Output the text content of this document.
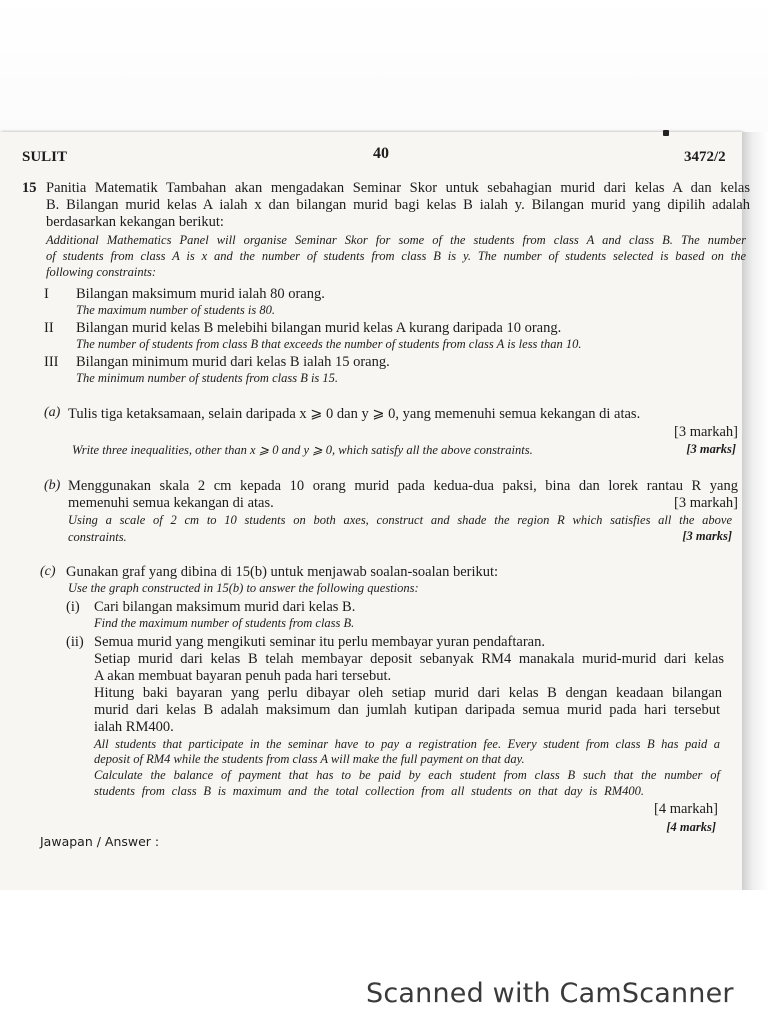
SULIT	40	3472/2
15 Panitia Matematik Tambahan akan mengadakan Seminar Skor untuk sebahagian murid dari kelas A dan kelas
B. Bilangan murid kelas A ialah x dan bilangan murid bagi kelas B ialah y. Bilangan murid yang dipilih adalah
berdasarkan kekangan berikut:
Additional Mathematics Panel will organise Seminar Skor for some of the students from class A and class B. The number
of students from class A is x and the number of students from class B is y. The number of students selected is based on the
following constraints:
I Bilangan maksimum murid ialah 80 orang.
The maximum number of students is 80.
II Bilangan murid kelas B melebihi bilangan murid kelas A kurang daripada 10 orang.
The number of students from class B that exceeds the number of students from class A is less than 10.
III Bilangan minimum murid dari kelas B ialah 15 orang.
The minimum number of students from class B is 15.
(a) Tulis tiga ketaksamaan, selain daripada x ⩾ 0 dan y ⩾ 0, yang memenuhi semua kekangan di atas.
[3 markah]
Write three inequalities, other than x ⩾ 0 and y ⩾ 0, which satisfy all the above constraints.	[3 marks]
(b) Menggunakan skala 2 cm kepada 10 orang murid pada kedua-dua paksi, bina dan lorek rantau R yang
memenuhi semua kekangan di atas.	[3 markah]
Using a scale of 2 cm to 10 students on both axes, construct and shade the region R which satisfies all the above
constraints.	[3 marks]
(c) Gunakan graf yang dibina di 15(b) untuk menjawab soalan-soalan berikut:
Use the graph constructed in 15(b) to answer the following questions:
(i) Cari bilangan maksimum murid dari kelas B.
Find the maximum number of students from class B.
(ii) Semua murid yang mengikuti seminar itu perlu membayar yuran pendaftaran.
Setiap murid dari kelas B telah membayar deposit sebanyak RM4 manakala murid-murid dari kelas
A akan membuat bayaran penuh pada hari tersebut.
Hitung baki bayaran yang perlu dibayar oleh setiap murid dari kelas B dengan keadaan bilangan
murid dari kelas B adalah maksimum dan jumlah kutipan daripada semua murid pada hari tersebut
ialah RM400.
All students that participate in the seminar have to pay a registration fee. Every student from class B has paid a
deposit of RM4 while the students from class A will make the full payment on that day.
Calculate the balance of payment that has to be paid by each student from class B such that the number of
students from class B is maximum and the total collection from all students on that day is RM400.
[4 markah]
[4 marks]
Jawapan / Answer :
Scanned with CamScanner
